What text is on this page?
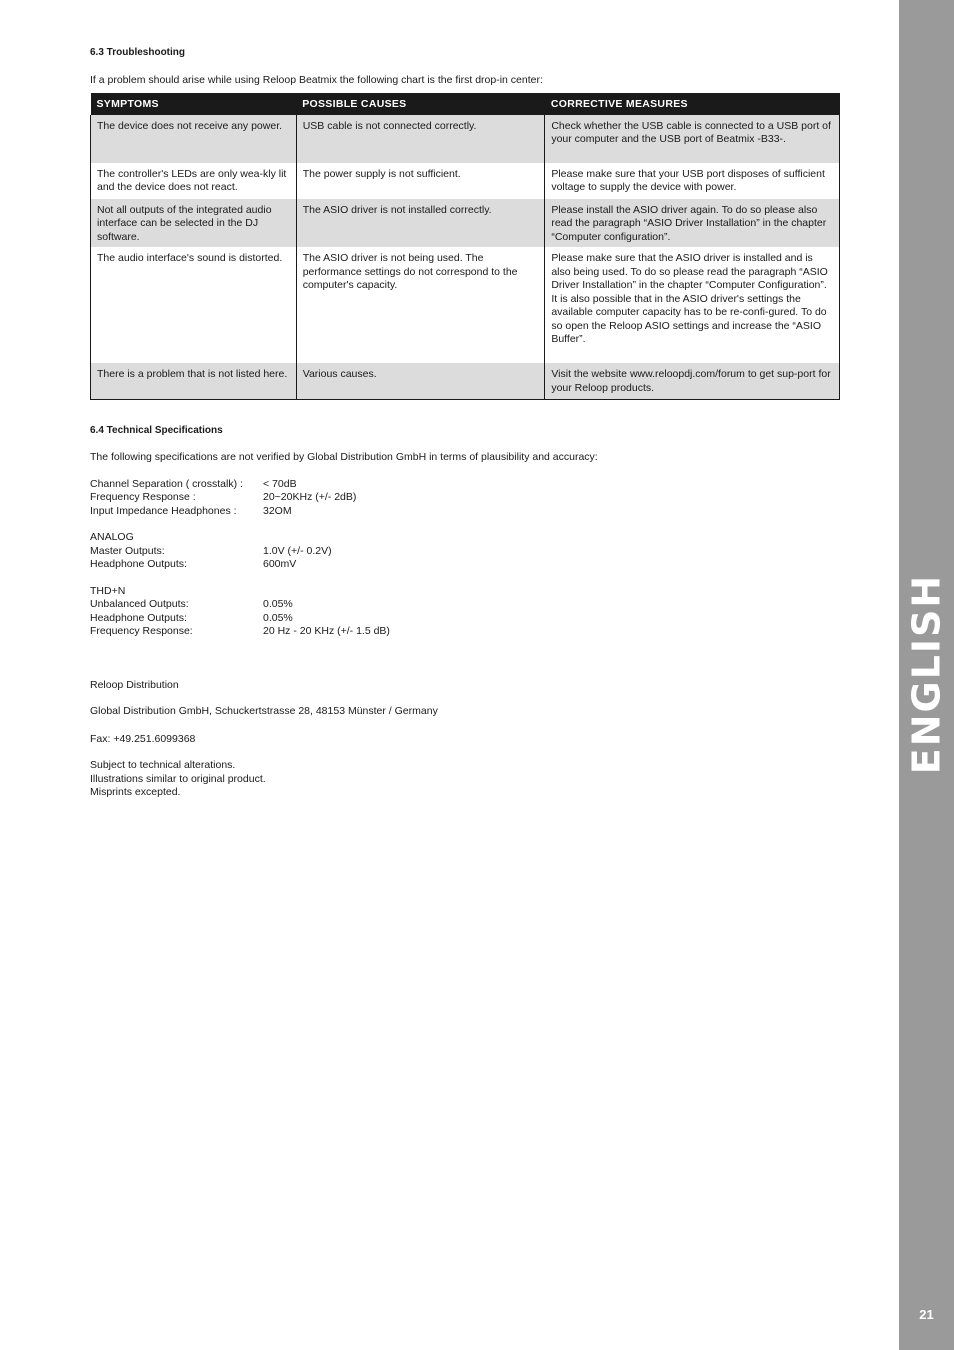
ENGLISH
21

6.3 Troubleshooting

If a problem should arise while using Reloop Beatmix the following chart is the first drop-in center:

SYMPTOMS	POSSIBLE CAUSES	CORRECTIVE MEASURES
The device does not receive any power.	USB cable is not connected correctly.	Check whether the USB cable is connected to a USB port of your computer and the USB port of Beatmix -B33-.
The controller's LEDs are only wea-kly lit and the device does not react.	The power supply is not sufficient.	Please make sure that your USB port disposes of sufficient voltage to supply the device with power.
Not all outputs of the integrated audio interface can be selected in the DJ software.	The ASIO driver is not installed correctly.	Please install the ASIO driver again. To do so please also read the paragraph “ASIO Driver Installation” in the chapter “Computer configuration”.
The audio interface's sound is distorted.	The ASIO driver is not being used. The performance settings do not correspond to the computer's capacity.	Please make sure that the ASIO driver is installed and is also being used. To do so please read the paragraph “ASIO Driver Installation” in the chapter “Computer Configuration”. It is also possible that in the ASIO driver's settings the available computer capacity has to be re-confi-gured. To do so open the Reloop ASIO settings and increase the “ASIO Buffer”.
There is a problem that is not listed here.	Various causes.	Visit the website www.reloopdj.com/forum to get sup-port for your Reloop products.

6.4 Technical Specifications

The following specifications are not verified by Global Distribution GmbH in terms of plausibility and accuracy:

Channel Separation ( crosstalk) :	< 70dB
Frequency Response :	20~20KHz (+/- 2dB)
Input Impedance Headphones :	32OM
ANALOG
Master Outputs:	1.0V (+/- 0.2V)
Headphone Outputs:	600mV
THD+N
Unbalanced Outputs:	0.05%
Headphone Outputs:	0.05%
Frequency Response:	20 Hz - 20 KHz (+/- 1.5 dB)
Reloop Distribution
Global Distribution GmbH, Schuckertstrasse 28, 48153 Münster / Germany
Fax: +49.251.6099368
Subject to technical alterations.
Illustrations similar to original product.
Misprints excepted.
